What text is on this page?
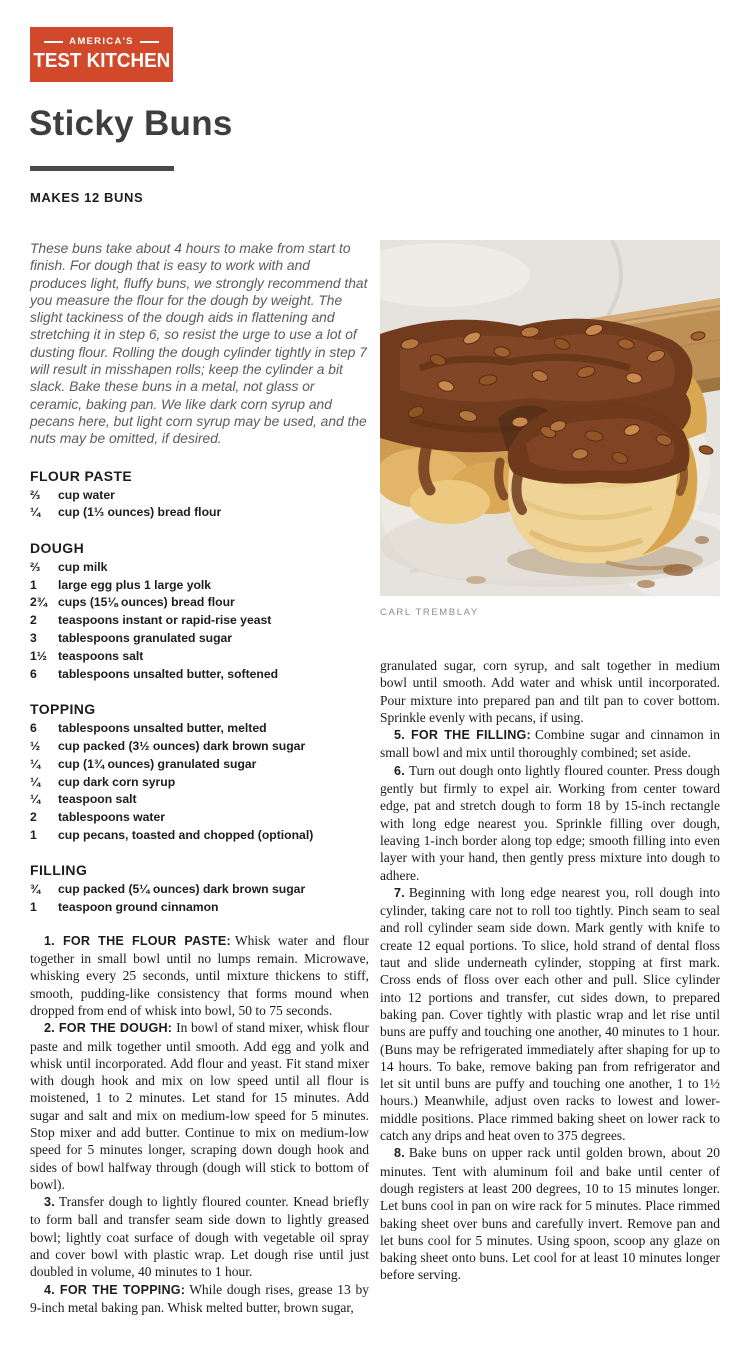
AMERICA'S
TEST KITCHEN
Sticky Buns
MAKES 12 BUNS

These buns take about 4 hours to make from start to finish. For dough that is easy to work with and produces light, fluffy buns, we strongly recommend that you measure the flour for the dough by weight. The slight tackiness of the dough aids in flattening and stretching it in step 6, so resist the urge to use a lot of dusting flour. Rolling the dough cylinder tightly in step 7 will result in misshapen rolls; keep the cylinder a bit slack. Bake these buns in a metal, not glass or ceramic, baking pan. We like dark corn syrup and pecans here, but light corn syrup may be used, and the nuts may be omitted, if desired.

FLOUR PASTE
⅔	cup water
¼	cup (1⅓ ounces) bread flour
DOUGH
⅔	cup milk
1	large egg plus 1 large yolk
2¾ cups (15⅛ ounces) bread flour
2	teaspoons instant or rapid-rise yeast
3	tablespoons granulated sugar
1½ teaspoons salt
6	tablespoons unsalted butter, softened
TOPPING
6	tablespoons unsalted butter, melted
½	cup packed (3½ ounces) dark brown sugar
¼	cup (1¾ ounces) granulated sugar
¼	cup dark corn syrup
¼	teaspoon salt
2	tablespoons water
1	cup pecans, toasted and chopped (optional)
FILLING
¾	cup packed (5¼ ounces) dark brown sugar
1	teaspoon ground cinnamon

1. FOR THE FLOUR PASTE: Whisk water and flour together in small bowl until no lumps remain. Microwave, whisking every 25 seconds, until mixture thickens to stiff, smooth, pudding-like consistency that forms mound when dropped from end of whisk into bowl, 50 to 75 seconds.

2. FOR THE DOUGH: In bowl of stand mixer, whisk flour paste and milk together until smooth. Add egg and yolk and whisk until incorporated. Add flour and yeast. Fit stand mixer with dough hook and mix on low speed until all flour is moistened, 1 to 2 minutes. Let stand for 15 minutes. Add sugar and salt and mix on medium-low speed for 5 minutes. Stop mixer and add butter. Continue to mix on medium-low speed for 5 minutes longer, scraping down dough hook and sides of bowl halfway through (dough will stick to bottom of bowl).

3. Transfer dough to lightly floured counter. Knead briefly to form ball and transfer seam side down to lightly greased bowl; lightly coat surface of dough with vegetable oil spray and cover bowl with plastic wrap. Let dough rise until just doubled in volume, 40 minutes to 1 hour.

4. FOR THE TOPPING: While dough rises, grease 13 by 9-inch metal baking pan. Whisk melted butter, brown sugar,

CARL TREMBLAY

granulated sugar, corn syrup, and salt together in medium bowl until smooth. Add water and whisk until incorporated. Pour mixture into prepared pan and tilt pan to cover bottom. Sprinkle evenly with pecans, if using.

5. FOR THE FILLING: Combine sugar and cinnamon in small bowl and mix until thoroughly combined; set aside.

6. Turn out dough onto lightly floured counter. Press dough gently but firmly to expel air. Working from center toward edge, pat and stretch dough to form 18 by 15-inch rectangle with long edge nearest you. Sprinkle filling over dough, leaving 1-inch border along top edge; smooth filling into even layer with your hand, then gently press mixture into dough to adhere.

7. Beginning with long edge nearest you, roll dough into cylinder, taking care not to roll too tightly. Pinch seam to seal and roll cylinder seam side down. Mark gently with knife to create 12 equal portions. To slice, hold strand of dental floss taut and slide underneath cylinder, stopping at first mark. Cross ends of floss over each other and pull. Slice cylinder into 12 portions and transfer, cut sides down, to prepared baking pan. Cover tightly with plastic wrap and let rise until buns are puffy and touching one another, 40 minutes to 1 hour. (Buns may be refrigerated immediately after shaping for up to 14 hours. To bake, remove baking pan from refrigerator and let sit until buns are puffy and touching one another, 1 to 1½ hours.) Meanwhile, adjust oven racks to lowest and lower-middle positions. Place rimmed baking sheet on lower rack to catch any drips and heat oven to 375 degrees.

8. Bake buns on upper rack until golden brown, about 20 minutes. Tent with aluminum foil and bake until center of dough registers at least 200 degrees, 10 to 15 minutes longer. Let buns cool in pan on wire rack for 5 minutes. Place rimmed baking sheet over buns and carefully invert. Remove pan and let buns cool for 5 minutes. Using spoon, scoop any glaze on baking sheet onto buns. Let cool for at least 10 minutes longer before serving.
